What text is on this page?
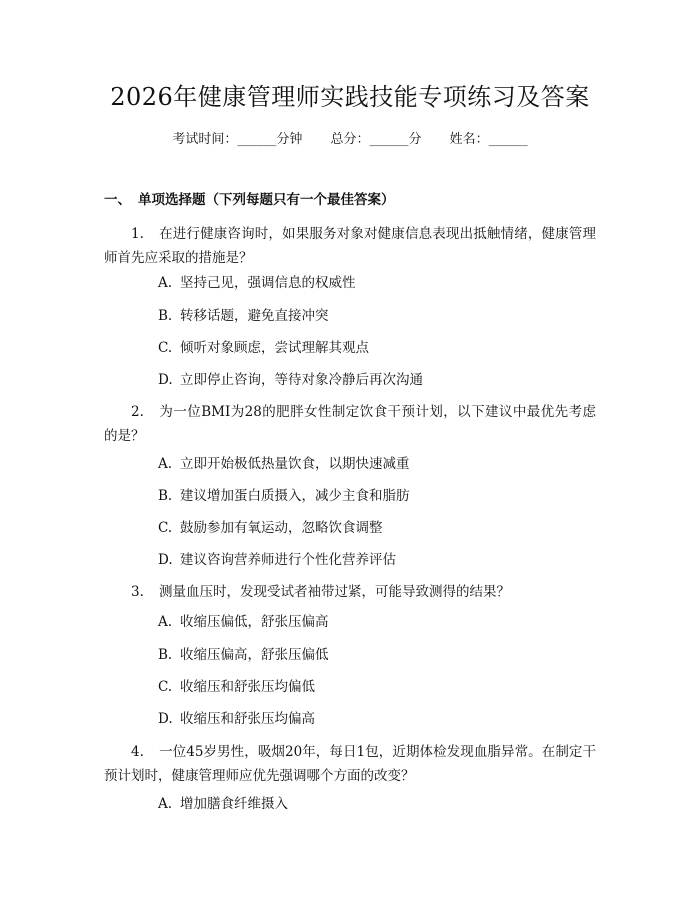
2026年健康管理师实践技能专项练习及答案
考试时间：______分钟 总分：______分 姓名：______
一、 单项选择题（下列每题只有一个最佳答案）
1. 在进行健康咨询时，如果服务对象对健康信息表现出抵触情绪，健康管理师首先应采取的措施是？
A. 坚持己见，强调信息的权威性
B. 转移话题，避免直接冲突
C. 倾听对象顾虑，尝试理解其观点
D. 立即停止咨询，等待对象冷静后再次沟通
2. 为一位BMI为28的肥胖女性制定饮食干预计划，以下建议中最优先考虑的是？
A. 立即开始极低热量饮食，以期快速减重
B. 建议增加蛋白质摄入，减少主食和脂肪
C. 鼓励参加有氧运动，忽略饮食调整
D. 建议咨询营养师进行个性化营养评估
3. 测量血压时，发现受试者袖带过紧，可能导致测得的结果？
A. 收缩压偏低，舒张压偏高
B. 收缩压偏高，舒张压偏低
C. 收缩压和舒张压均偏低
D. 收缩压和舒张压均偏高
4. 一位45岁男性，吸烟20年，每日1包，近期体检发现血脂异常。在制定干预计划时，健康管理师应优先强调哪个方面的改变？
A. 增加膳食纤维摄入
